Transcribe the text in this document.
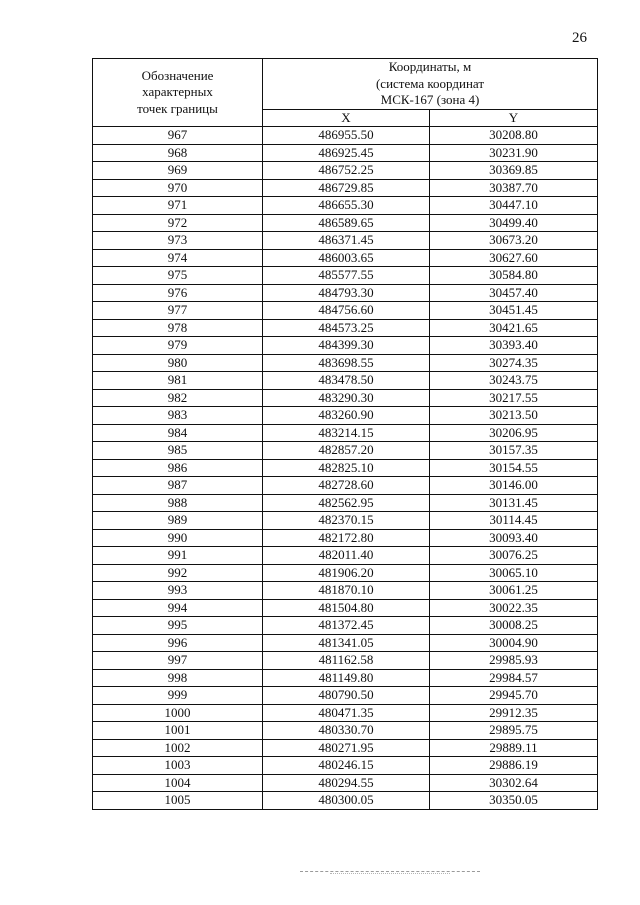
26
Обозначение
характерных
точек границы	Координаты, м
(система координат
МСК-167 (зона 4)	

	X	Y
967	486955.50	30208.80
968	486925.45	30231.90
969	486752.25	30369.85
970	486729.85	30387.70
971	486655.30	30447.10
972	486589.65	30499.40
973	486371.45	30673.20
974	486003.65	30627.60
975	485577.55	30584.80
976	484793.30	30457.40
977	484756.60	30451.45
978	484573.25	30421.65
979	484399.30	30393.40
980	483698.55	30274.35
981	483478.50	30243.75
982	483290.30	30217.55
983	483260.90	30213.50
984	483214.15	30206.95
985	482857.20	30157.35
986	482825.10	30154.55
987	482728.60	30146.00
988	482562.95	30131.45
989	482370.15	30114.45
990	482172.80	30093.40
991	482011.40	30076.25
992	481906.20	30065.10
993	481870.10	30061.25
994	481504.80	30022.35
995	481372.45	30008.25
996	481341.05	30004.90
997	481162.58	29985.93
998	481149.80	29984.57
999	480790.50	29945.70
1000	480471.35	29912.35
1001	480330.70	29895.75
1002	480271.95	29889.11
1003	480246.15	29886.19
1004	480294.55	30302.64
1005	480300.05	30350.05
